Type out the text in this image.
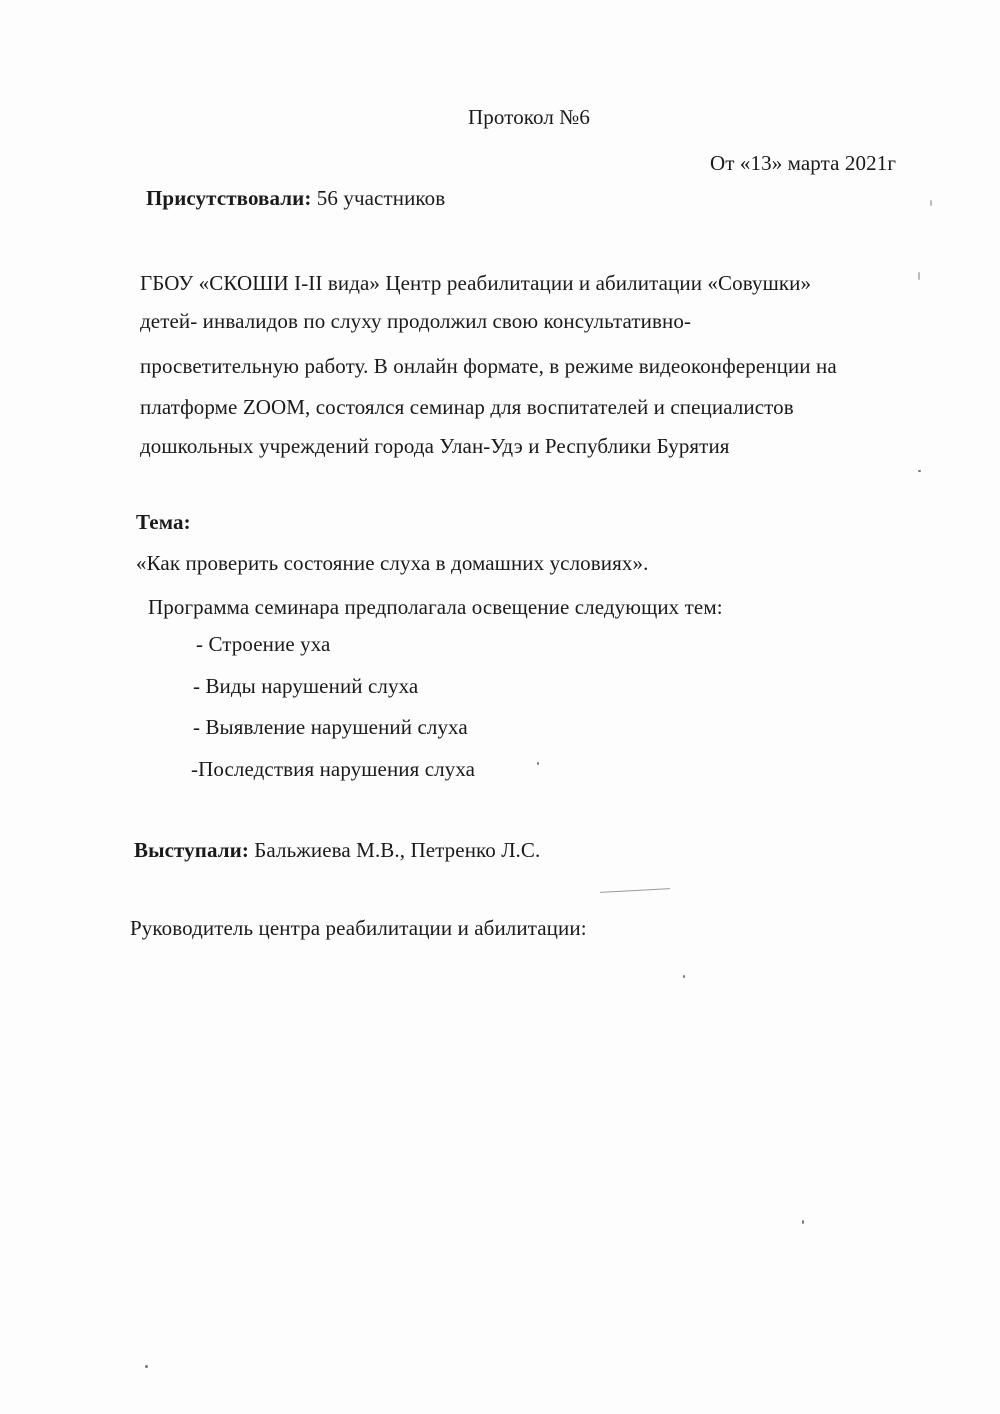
Протокол №6
От «13» марта 2021г
Присутствовали: 56 участников
ГБОУ «СКОШИ I-II вида» Центр реабилитации и абилитации «Совушки»
детей- инвалидов по слуху продолжил свою консультативно-
просветительную работу. В онлайн формате, в режиме видеоконференции на
платформе ZOOM, состоялся семинар для воспитателей и специалистов
дошкольных учреждений города Улан-Удэ и Республики Бурятия
Тема:
«Как проверить состояние слуха в домашних условиях».
Программа семинара предполагала освещение следующих тем:
- Строение уха
- Виды нарушений слуха
- Выявление нарушений слуха
-Последствия нарушения слуха
Выступали: Бальжиева М.В., Петренко Л.С.
Руководитель центра реабилитации и абилитации:
